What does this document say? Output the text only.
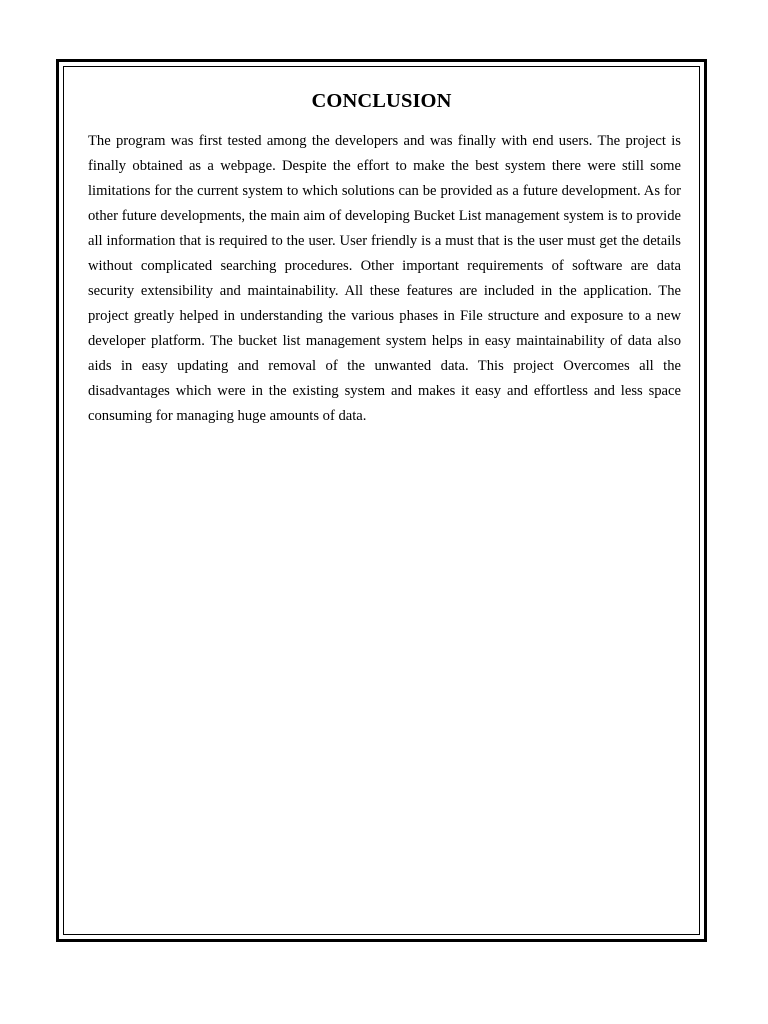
CONCLUSION

The program was first tested among the developers and was finally with end users. The project is finally obtained as a webpage. Despite the effort to make the best system there were still some limitations for the current system to which solutions can be provided as a future development. As for other future developments, the main aim of developing Bucket List management system is to provide all information that is required to the user. User friendly is a must that is the user must get the details without complicated searching procedures. Other important requirements of software are data security extensibility and maintainability. All these features are included in the application. The project greatly helped in understanding the various phases in File structure and exposure to a new developer platform. The bucket list management system helps in easy maintainability of data also aids in easy updating and removal of the unwanted data. This project Overcomes all the disadvantages which were in the existing system and makes it easy and effortless and less space consuming for managing huge amounts of data.
